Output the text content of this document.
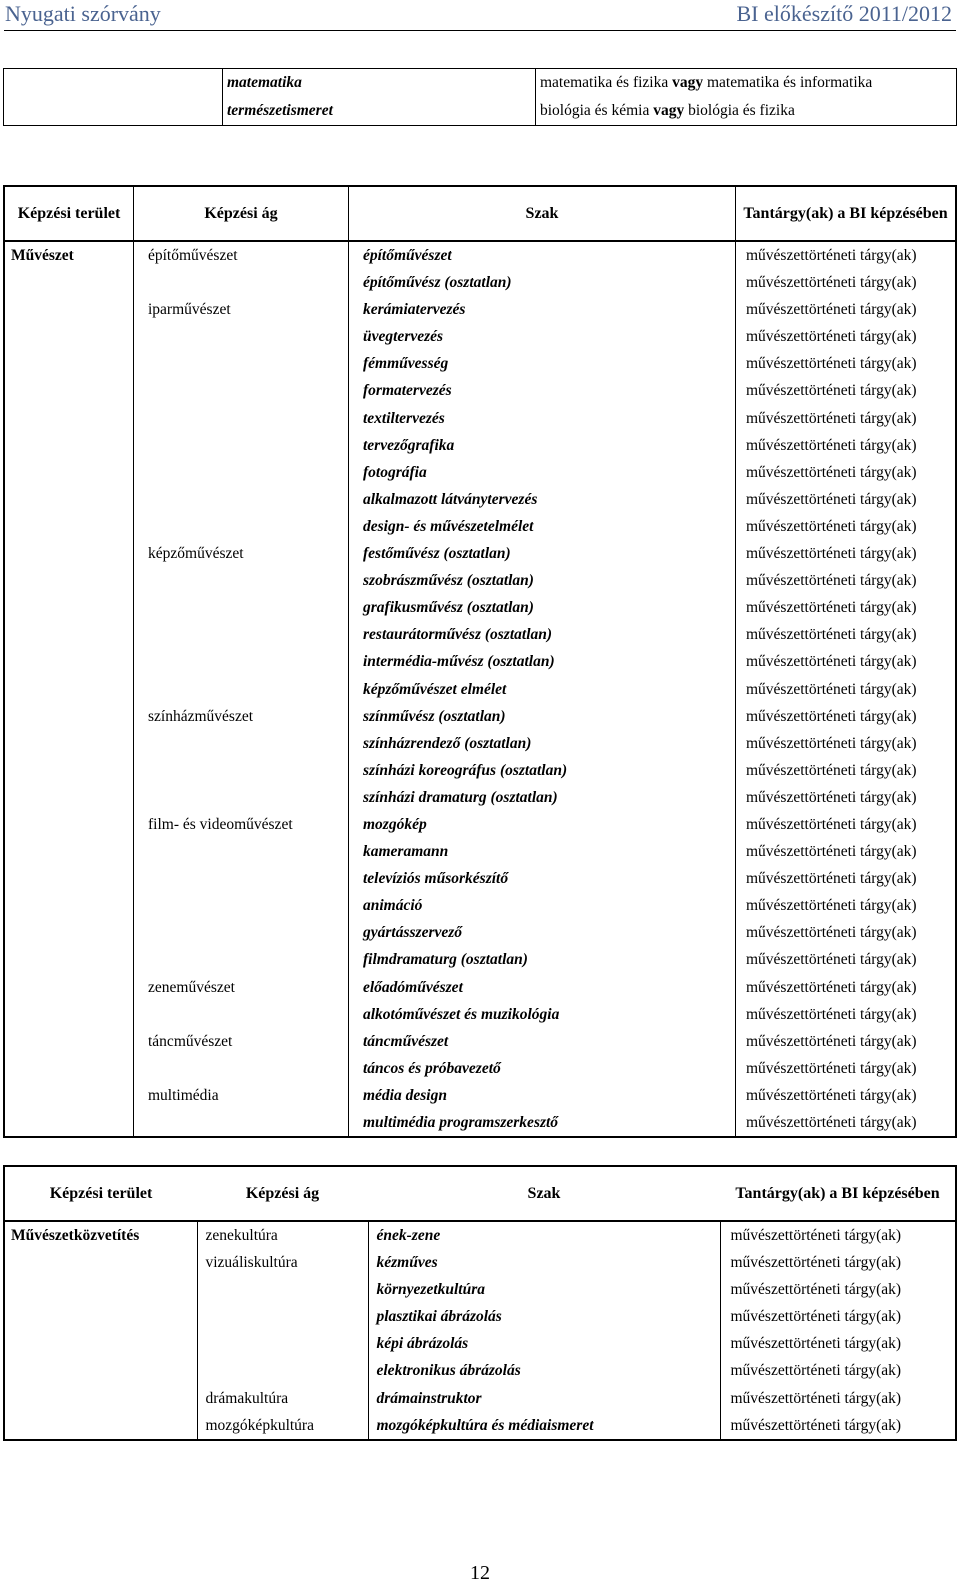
Nyugati szórvány	BI előkészítő 2011/2012
	matematika	matematika és fizika vagy matematika és informatika
	természetismeret	biológia és kémia vagy biológia és fizika
Képzési terület	Képzési ág	Szak	Tantárgy(ak) a BI képzésében
Művészet	építőművészet	építőművészet	művészettörténeti tárgy(ak)
		építőművész (osztatlan)	művészettörténeti tárgy(ak)
	iparművészet	kerámiatervezés	művészettörténeti tárgy(ak)
		üvegtervezés	művészettörténeti tárgy(ak)
		fémművesség	művészettörténeti tárgy(ak)
		formatervezés	művészettörténeti tárgy(ak)
		textiltervezés	művészettörténeti tárgy(ak)
		tervezőgrafika	művészettörténeti tárgy(ak)
		fotográfia	művészettörténeti tárgy(ak)
		alkalmazott látványtervezés	művészettörténeti tárgy(ak)
		design- és művészetelmélet	művészettörténeti tárgy(ak)
	képzőművészet	festőművész (osztatlan)	művészettörténeti tárgy(ak)
		szobrászművész (osztatlan)	művészettörténeti tárgy(ak)
		grafikusművész (osztatlan)	művészettörténeti tárgy(ak)
		restaurátorművész (osztatlan)	művészettörténeti tárgy(ak)
		intermédia-művész (osztatlan)	művészettörténeti tárgy(ak)
		képzőművészet elmélet	művészettörténeti tárgy(ak)
	színházművészet	színművész (osztatlan)	művészettörténeti tárgy(ak)
		színházrendező (osztatlan)	művészettörténeti tárgy(ak)
		színházi koreográfus (osztatlan)	művészettörténeti tárgy(ak)
		színházi dramaturg (osztatlan)	művészettörténeti tárgy(ak)
	film- és videoművészet	mozgókép	művészettörténeti tárgy(ak)
		kameramann	művészettörténeti tárgy(ak)
		televíziós műsorkészítő	művészettörténeti tárgy(ak)
		animáció	művészettörténeti tárgy(ak)
		gyártásszervező	művészettörténeti tárgy(ak)
		filmdramaturg (osztatlan)	művészettörténeti tárgy(ak)
	zeneművészet	előadóművészet	művészettörténeti tárgy(ak)
		alkotóművészet és muzikológia	művészettörténeti tárgy(ak)
	táncművészet	táncművészet	művészettörténeti tárgy(ak)
		táncos és próbavezető	művészettörténeti tárgy(ak)
	multimédia	média design	művészettörténeti tárgy(ak)
		multimédia programszerkesztő	művészettörténeti tárgy(ak)
Képzési terület	Képzési ág	Szak	Tantárgy(ak) a BI képzésében
Művészetközvetítés	zenekultúra	ének-zene	művészettörténeti tárgy(ak)
	vizuáliskultúra	kézműves	művészettörténeti tárgy(ak)
		környezetkultúra	művészettörténeti tárgy(ak)
		plasztikai ábrázolás	művészettörténeti tárgy(ak)
		képi ábrázolás	művészettörténeti tárgy(ak)
		elektronikus ábrázolás	művészettörténeti tárgy(ak)
	drámakultúra	drámainstruktor	művészettörténeti tárgy(ak)
	mozgóképkultúra	mozgóképkultúra és médiaismeret	művészettörténeti tárgy(ak)
12
